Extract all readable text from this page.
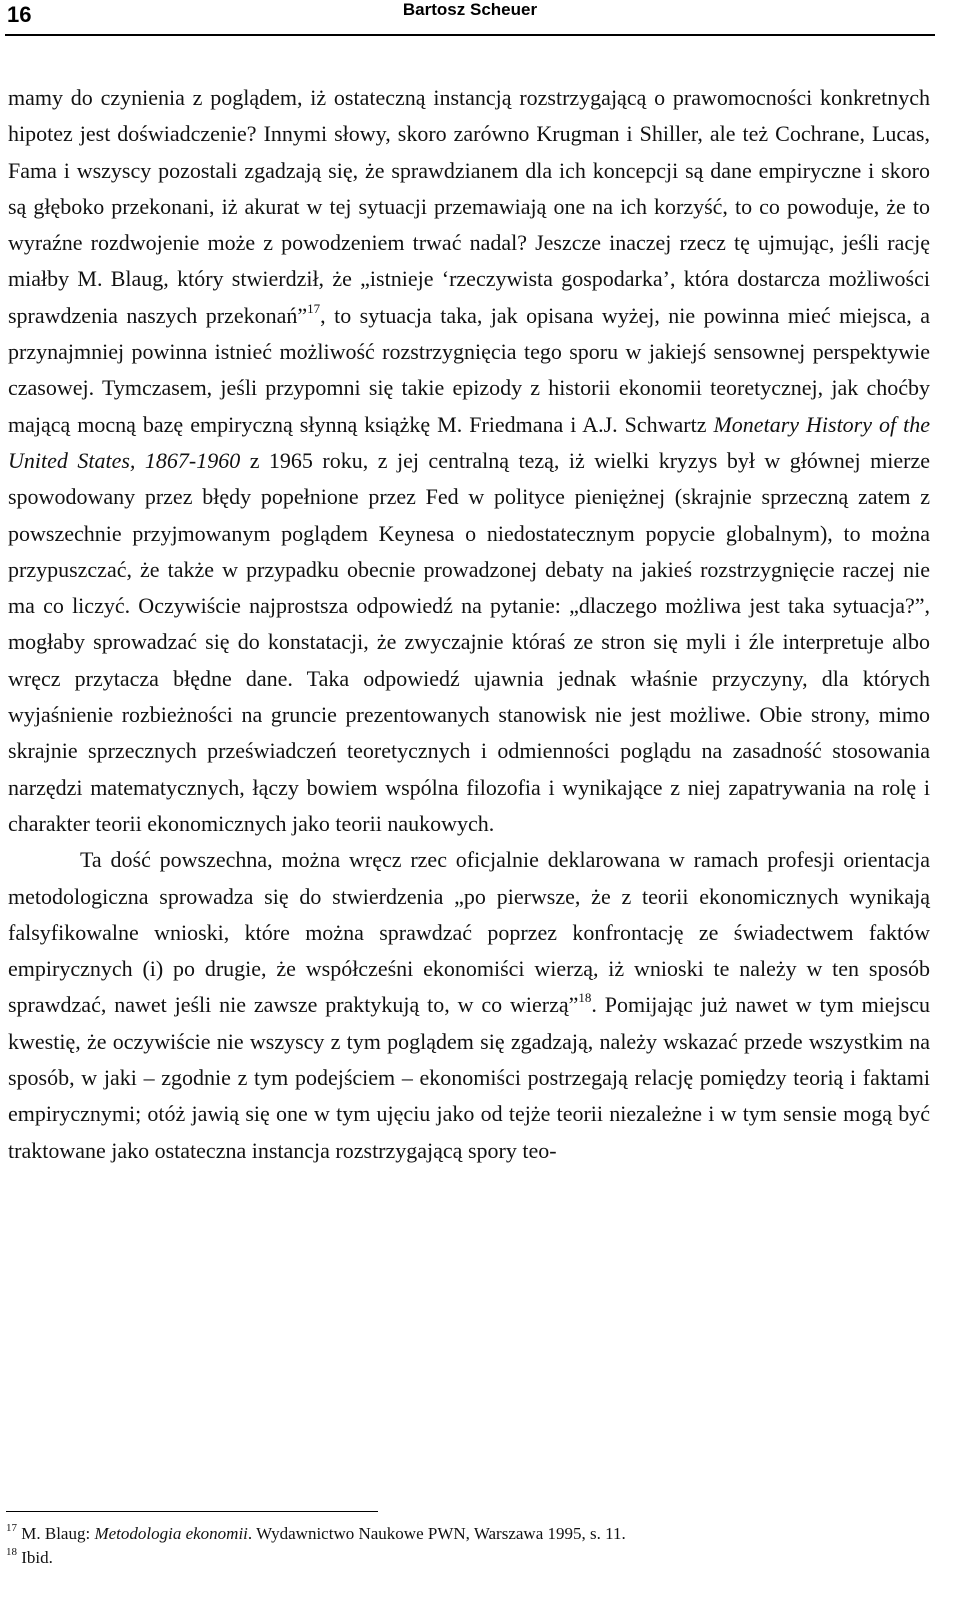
16	Bartosz Scheuer

mamy do czynienia z poglądem, iż ostateczną instancją rozstrzygającą o prawomocności konkretnych hipotez jest doświadczenie? Innymi słowy, skoro zarówno Krugman i Shiller, ale też Cochrane, Lucas, Fama i wszyscy pozostali zgadzają się, że sprawdzianem dla ich koncepcji są dane empiryczne i skoro są głęboko przekonani, iż akurat w tej sytuacji przemawiają one na ich korzyść, to co powoduje, że to wyraźne rozdwojenie może z powodzeniem trwać nadal? Jeszcze inaczej rzecz tę ujmując, jeśli rację miałby M. Blaug, który stwierdził, że „istnieje ‘rzeczywista gospodarka’, która dostarcza możliwości sprawdzenia naszych przekonań”$^{17}$, to sytuacja taka, jak opisana wyżej, nie powinna mieć miejsca, a przynajmniej powinna istnieć możliwość rozstrzygnięcia tego sporu w jakiejś sensownej perspektywie czasowej. Tymczasem, jeśli przypomni się takie epizody z historii ekonomii teoretycznej, jak choćby mającą mocną bazę empiryczną słynną książkę M. Friedmana i A.J. Schwartz Monetary History of the United States, 1867-1960 z 1965 roku, z jej centralną tezą, iż wielki kryzys był w głównej mierze spowodowany przez błędy popełnione przez Fed w polityce pieniężnej (skrajnie sprzeczną zatem z powszechnie przyjmowanym poglądem Keynesa o niedostatecznym popycie globalnym), to można przypuszczać, że także w przypadku obecnie prowadzonej debaty na jakieś rozstrzygnięcie raczej nie ma co liczyć. Oczywiście najprostsza odpowiedź na pytanie: „dlaczego możliwa jest taka sytuacja?”, mogłaby sprowadzać się do konstatacji, że zwyczajnie któraś ze stron się myli i źle interpretuje albo wręcz przytacza błędne dane. Taka odpowiedź ujawnia jednak właśnie przyczyny, dla których wyjaśnienie rozbieżności na gruncie prezentowanych stanowisk nie jest możliwe. Obie strony, mimo skrajnie sprzecznych przeświadczeń teoretycznych i odmienności poglądu na zasadność stosowania narzędzi matematycznych, łączy bowiem wspólna filozofia i wynikające z niej zapatrywania na rolę i charakter teorii ekonomicznych jako teorii naukowych.

Ta dość powszechna, można wręcz rzec oficjalnie deklarowana w ramach profesji orientacja metodologiczna sprowadza się do stwierdzenia „po pierwsze, że z teorii ekonomicznych wynikają falsyfikowalne wnioski, które można sprawdzać poprzez konfrontację ze świadectwem faktów empirycznych (i) po drugie, że współcześni ekonomiści wierzą, iż wnioski te należy w ten sposób sprawdzać, nawet jeśli nie zawsze praktykują to, w co wierzą”$^{18}$. Pomijając już nawet w tym miejscu kwestię, że oczywiście nie wszyscy z tym poglądem się zgadzają, należy wskazać przede wszystkim na sposób, w jaki – zgodnie z tym podejściem – ekonomiści postrzegają relację pomiędzy teorią i faktami empirycznymi; otóż jawią się one w tym ujęciu jako od tejże teorii niezależne i w tym sensie mogą być traktowane jako ostateczna instancja rozstrzygającą spory teo-

$^{17}$ M. Blaug: Metodologia ekonomii. Wydawnictwo Naukowe PWN, Warszawa 1995, s. 11.

$^{18}$ Ibid.
